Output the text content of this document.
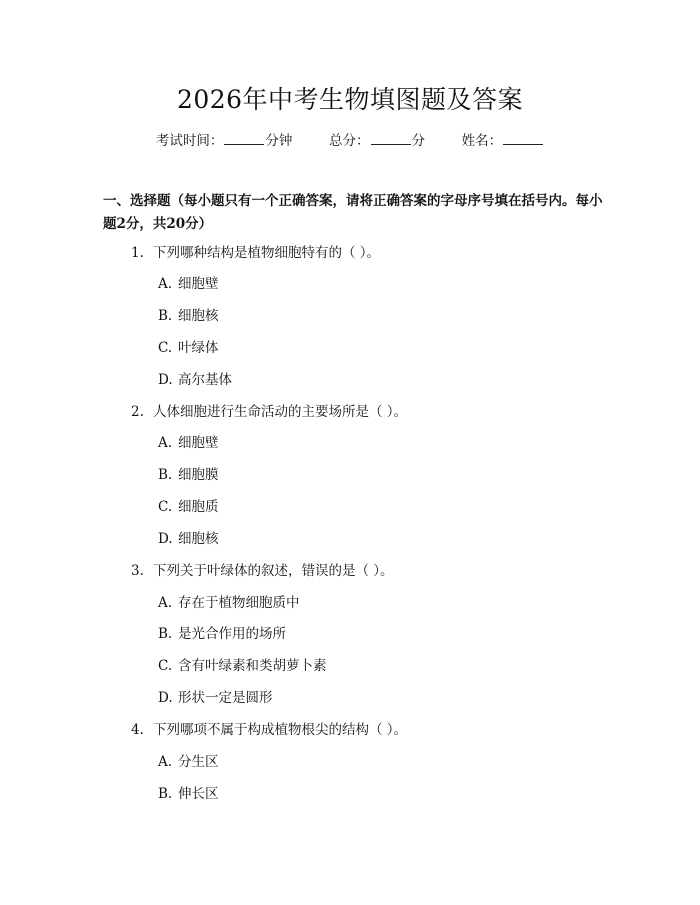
2026年中考生物填图题及答案
考试时间：	分钟	总分：	分	姓名：
一、选择题（每小题只有一个正确答案，请将正确答案的字母序号填在括号内。每小题2分，共20分）
1. 下列哪种结构是植物细胞特有的（ ）。
A. 细胞壁
B. 细胞核
C. 叶绿体
D. 高尔基体
2. 人体细胞进行生命活动的主要场所是（ ）。
A. 细胞壁
B. 细胞膜
C. 细胞质
D. 细胞核
3. 下列关于叶绿体的叙述，错误的是（ ）。
A. 存在于植物细胞质中
B. 是光合作用的场所
C. 含有叶绿素和类胡萝卜素
D. 形状一定是圆形
4. 下列哪项不属于构成植物根尖的结构（ ）。
A. 分生区
B. 伸长区
